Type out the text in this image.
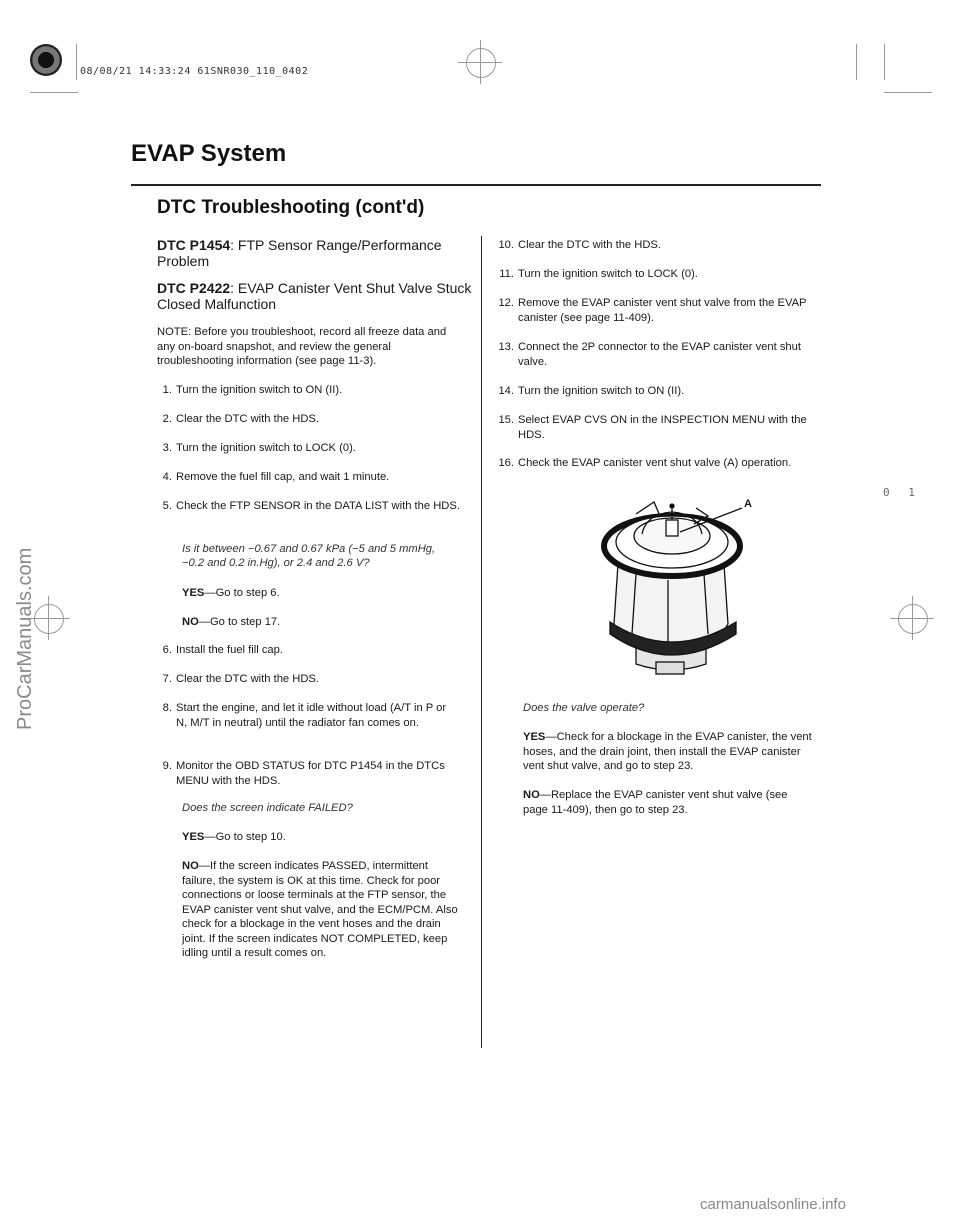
08/08/21 14:33:24 61SNR030_110_0402
0 1
EVAP System
DTC Troubleshooting (cont'd)
DTC P1454: FTP Sensor Range/Performance Problem
DTC P2422: EVAP Canister Vent Shut Valve Stuck Closed Malfunction
NOTE: Before you troubleshoot, record all freeze data and any on-board snapshot, and review the general troubleshooting information (see page 11-3).
1. Turn the ignition switch to ON (II).
2. Clear the DTC with the HDS.
3. Turn the ignition switch to LOCK (0).
4. Remove the fuel fill cap, and wait 1 minute.
5. Check the FTP SENSOR in the DATA LIST with the HDS.
Is it between −0.67 and 0.67 kPa (−5 and 5 mmHg, −0.2 and 0.2 in.Hg), or 2.4 and 2.6 V?
YES—Go to step 6.
NO—Go to step 17.
6. Install the fuel fill cap.
7. Clear the DTC with the HDS.
8. Start the engine, and let it idle without load (A/T in P or N, M/T in neutral) until the radiator fan comes on.
9. Monitor the OBD STATUS for DTC P1454 in the DTCs MENU with the HDS.
Does the screen indicate FAILED?
YES—Go to step 10.
NO—If the screen indicates PASSED, intermittent failure, the system is OK at this time. Check for poor connections or loose terminals at the FTP sensor, the EVAP canister vent shut valve, and the ECM/PCM. Also check for a blockage in the vent hoses and the drain joint. If the screen indicates NOT COMPLETED, keep idling until a result comes on.
10. Clear the DTC with the HDS.
11. Turn the ignition switch to LOCK (0).
12. Remove the EVAP canister vent shut valve from the EVAP canister (see page 11-409).
13. Connect the 2P connector to the EVAP canister vent shut valve.
14. Turn the ignition switch to ON (II).
15. Select EVAP CVS ON in the INSPECTION MENU with the HDS.
16. Check the EVAP canister vent shut valve (A) operation.
A
Does the valve operate?
YES—Check for a blockage in the EVAP canister, the vent hoses, and the drain joint, then install the EVAP canister vent shut valve, and go to step 23.
NO—Replace the EVAP canister vent shut valve (see page 11-409), then go to step 23.
ProCarManuals.com
carmanualsonline.info
